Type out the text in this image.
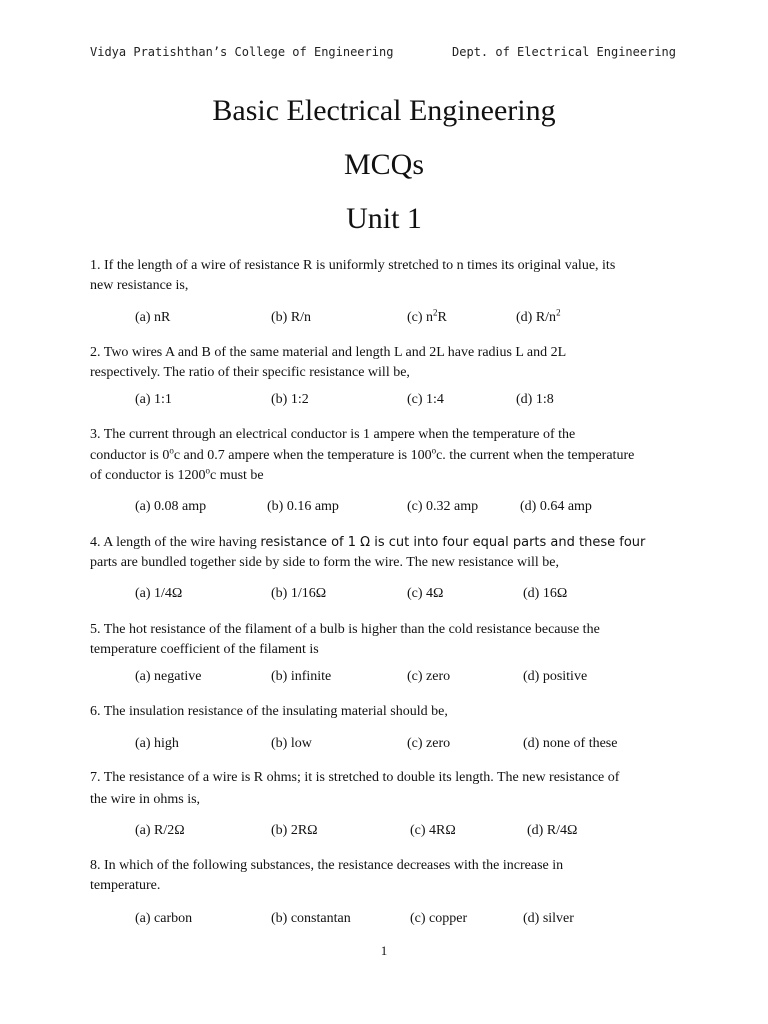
Vidya Pratishthan’s College of Engineering	Dept. of Electrical Engineering
Basic Electrical Engineering
MCQs
Unit 1
1. If the length of a wire of resistance R is uniformly stretched to n times its original value, its
new resistance is,
(a) nR	(b) R/n	(c) $n^2R$	(d) $R/n^2$
2. Two wires A and B of the same material and length L and 2L have radius L and 2L
respectively. The ratio of their specific resistance will be,
(a) 1:1	(b) 1:2	(c) 1:4	(d) 1:8
3. The current through an electrical conductor is 1 ampere when the temperature of the
conductor is 0$^o$c and 0.7 ampere when the temperature is 100$^o$c. the current when the temperature
of conductor is 1200$^o$c must be
(a) 0.08 amp	(b) 0.16 amp	(c) 0.32 amp	(d) 0.64 amp
4. A length of the wire having resistance of 1 Ω is cut into four equal parts and these four
parts are bundled together side by side to form the wire. The new resistance will be,
(a) 1/4Ω	(b) 1/16Ω	(c) 4Ω	(d) 16Ω
5. The hot resistance of the filament of a bulb is higher than the cold resistance because the
temperature coefficient of the filament is
(a) negative	(b) infinite	(c) zero	(d) positive
6. The insulation resistance of the insulating material should be,
(a) high	(b) low	(c) zero	(d) none of these
7. The resistance of a wire is R ohms; it is stretched to double its length. The new resistance of
the wire in ohms is,
(a) R/2Ω	(b) 2RΩ	(c) 4RΩ	(d) R/4Ω
8. In which of the following substances, the resistance decreases with the increase in
temperature.
(a) carbon	(b) constantan	(c) copper	(d) silver
1
